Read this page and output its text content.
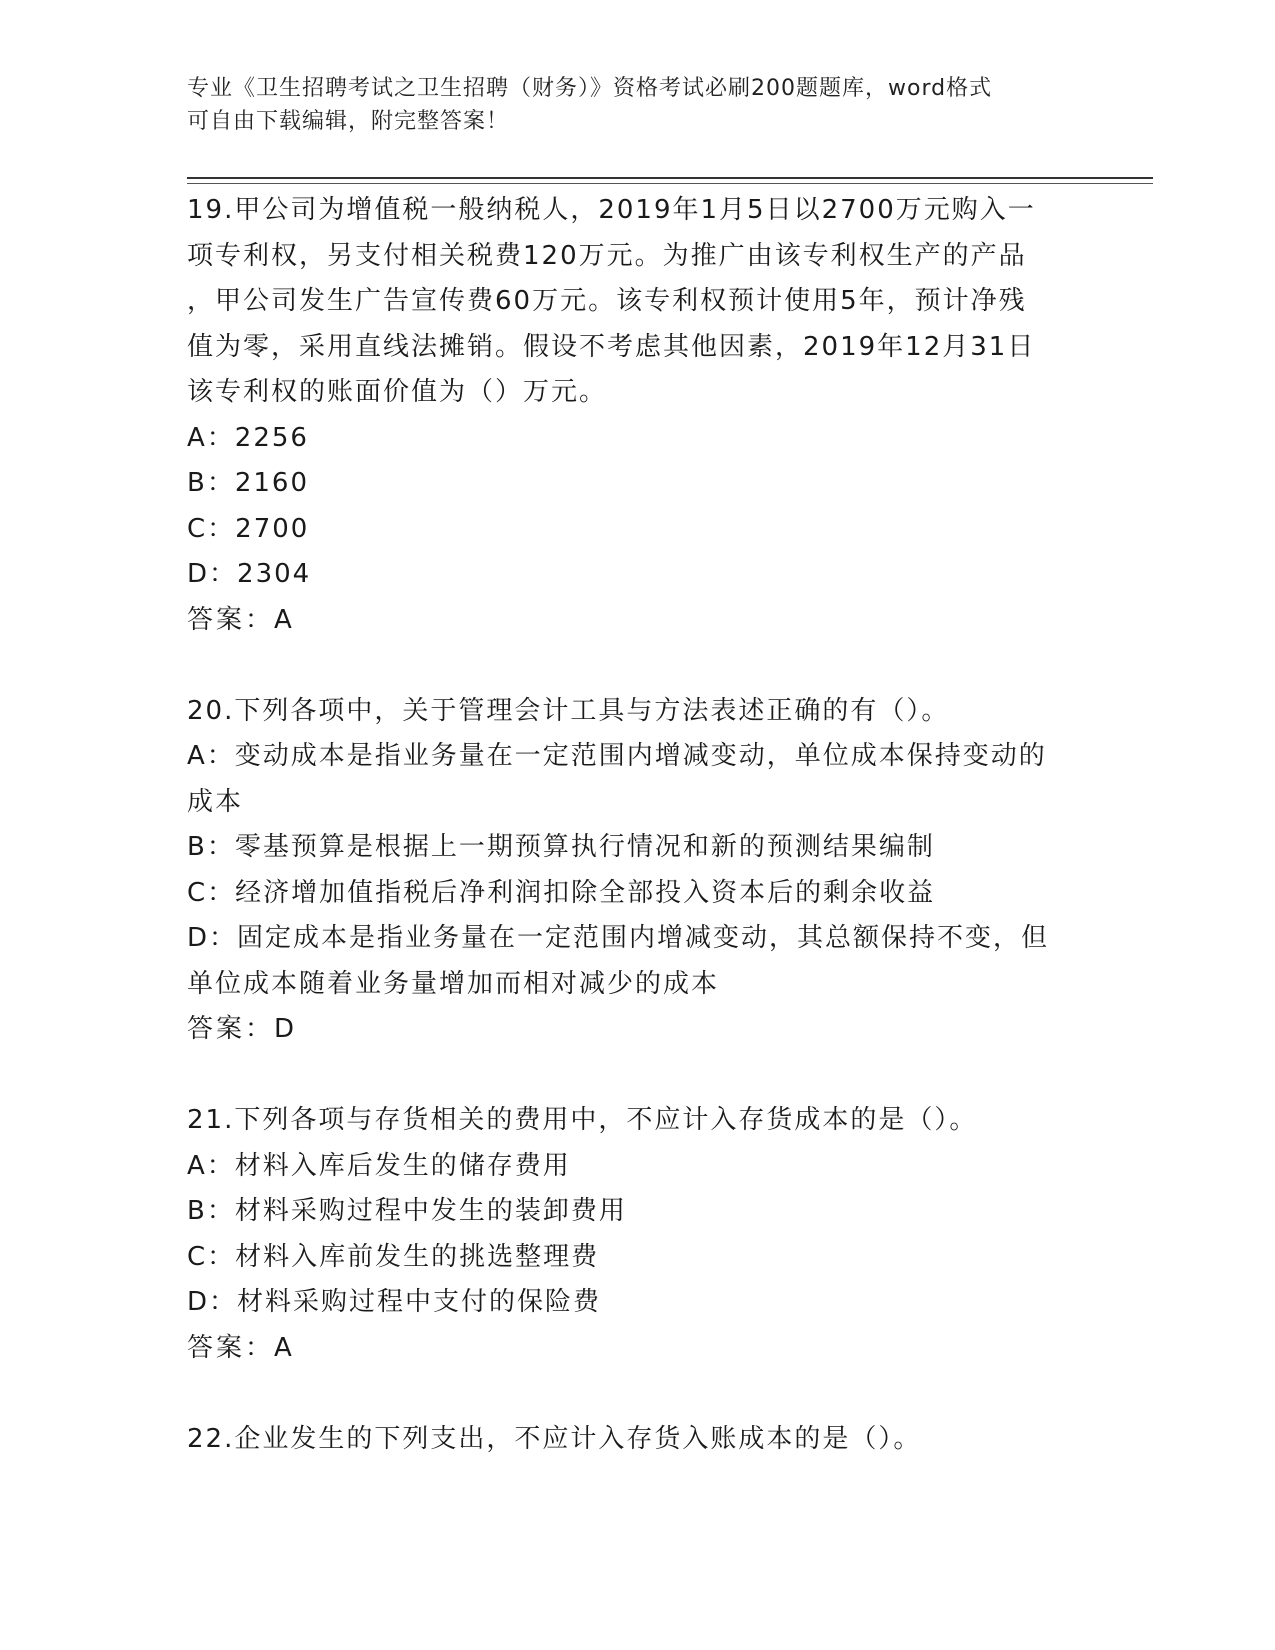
专业《卫生招聘考试之卫生招聘（财务）》资格考试必刷200题题库，word格式
可自由下载编辑，附完整答案！
19.甲公司为增值税一般纳税人，2019年1月5日以2700万元购入一
项专利权，另支付相关税费120万元。为推广由该专利权生产的产品
，甲公司发生广告宣传费60万元。该专利权预计使用5年，预计净残
值为零，采用直线法摊销。假设不考虑其他因素，2019年12月31日
该专利权的账面价值为（）万元。
A：2256
B：2160
C：2700
D：2304
答案：A
20.下列各项中，关于管理会计工具与方法表述正确的有（）。
A：变动成本是指业务量在一定范围内增减变动，单位成本保持变动的
成本
B：零基预算是根据上一期预算执行情况和新的预测结果编制
C：经济增加值指税后净利润扣除全部投入资本后的剩余收益
D：固定成本是指业务量在一定范围内增减变动，其总额保持不变，但
单位成本随着业务量增加而相对减少的成本
答案：D
21.下列各项与存货相关的费用中，不应计入存货成本的是（）。
A：材料入库后发生的储存费用
B：材料采购过程中发生的装卸费用
C：材料入库前发生的挑选整理费
D：材料采购过程中支付的保险费
答案：A
22.企业发生的下列支出，不应计入存货入账成本的是（）。
